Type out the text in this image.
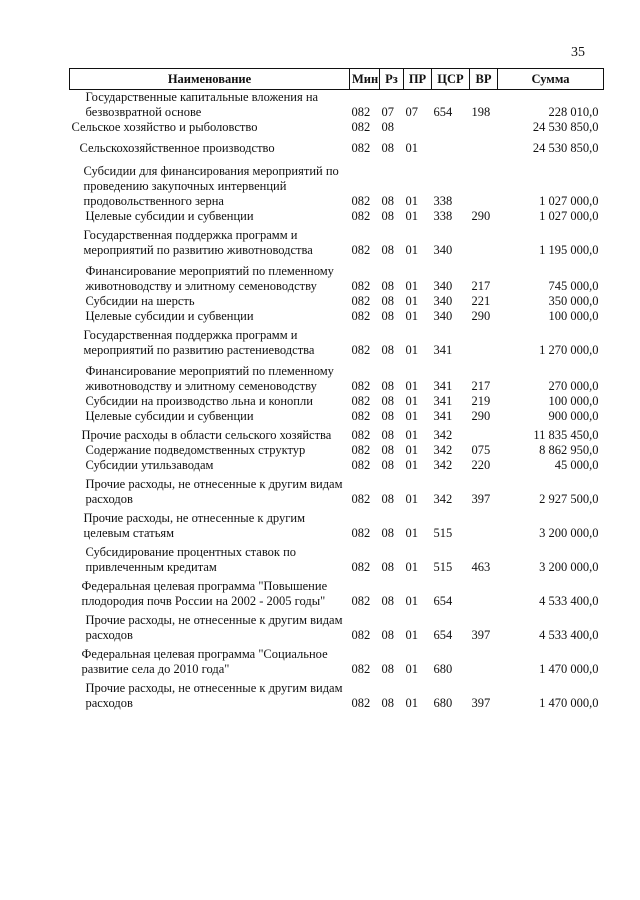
35
Наименование	Мин	Рз	ПР	ЦСР	ВР	Сумма
Государственные капитальные вложения на безвозвратной основе	082	07	07	654	198	228 010,0
Сельское хозяйство и рыболовство	082	08				24 530 850,0
Сельскохозяйственное производство	082	08	01			24 530 850,0
Субсидии для финансирования мероприятий по проведению закупочных интервенций продовольственного зерна	082	08	01	338		1 027 000,0
Целевые субсидии и субвенции	082	08	01	338	290	1 027 000,0
Государственная поддержка программ и мероприятий по развитию животноводства	082	08	01	340		1 195 000,0
Финансирование мероприятий по племенному животноводству и элитному семеноводству	082	08	01	340	217	745 000,0
Субсидии на шерсть	082	08	01	340	221	350 000,0
Целевые субсидии и субвенции	082	08	01	340	290	100 000,0
Государственная поддержка программ и мероприятий по развитию растениеводства	082	08	01	341		1 270 000,0
Финансирование мероприятий по племенному животноводству и элитному семеноводству	082	08	01	341	217	270 000,0
Субсидии на производство льна и конопли	082	08	01	341	219	100 000,0
Целевые субсидии и субвенции	082	08	01	341	290	900 000,0
Прочие расходы в области сельского хозяйства	082	08	01	342		11 835 450,0
Содержание подведомственных структур	082	08	01	342	075	8 862 950,0
Субсидии утильзаводам	082	08	01	342	220	45 000,0
Прочие расходы, не отнесенные к другим видам расходов	082	08	01	342	397	2 927 500,0
Прочие расходы, не отнесенные к другим целевым статьям	082	08	01	515		3 200 000,0
Субсидирование процентных ставок по привлеченным кредитам	082	08	01	515	463	3 200 000,0
Федеральная целевая программа "Повышение плодородия почв России на 2002 - 2005 годы"	082	08	01	654		4 533 400,0
Прочие расходы, не отнесенные к другим видам расходов	082	08	01	654	397	4 533 400,0
Федеральная целевая программа "Социальное развитие села до 2010 года"	082	08	01	680		1 470 000,0
Прочие расходы, не отнесенные к другим видам расходов	082	08	01	680	397	1 470 000,0
